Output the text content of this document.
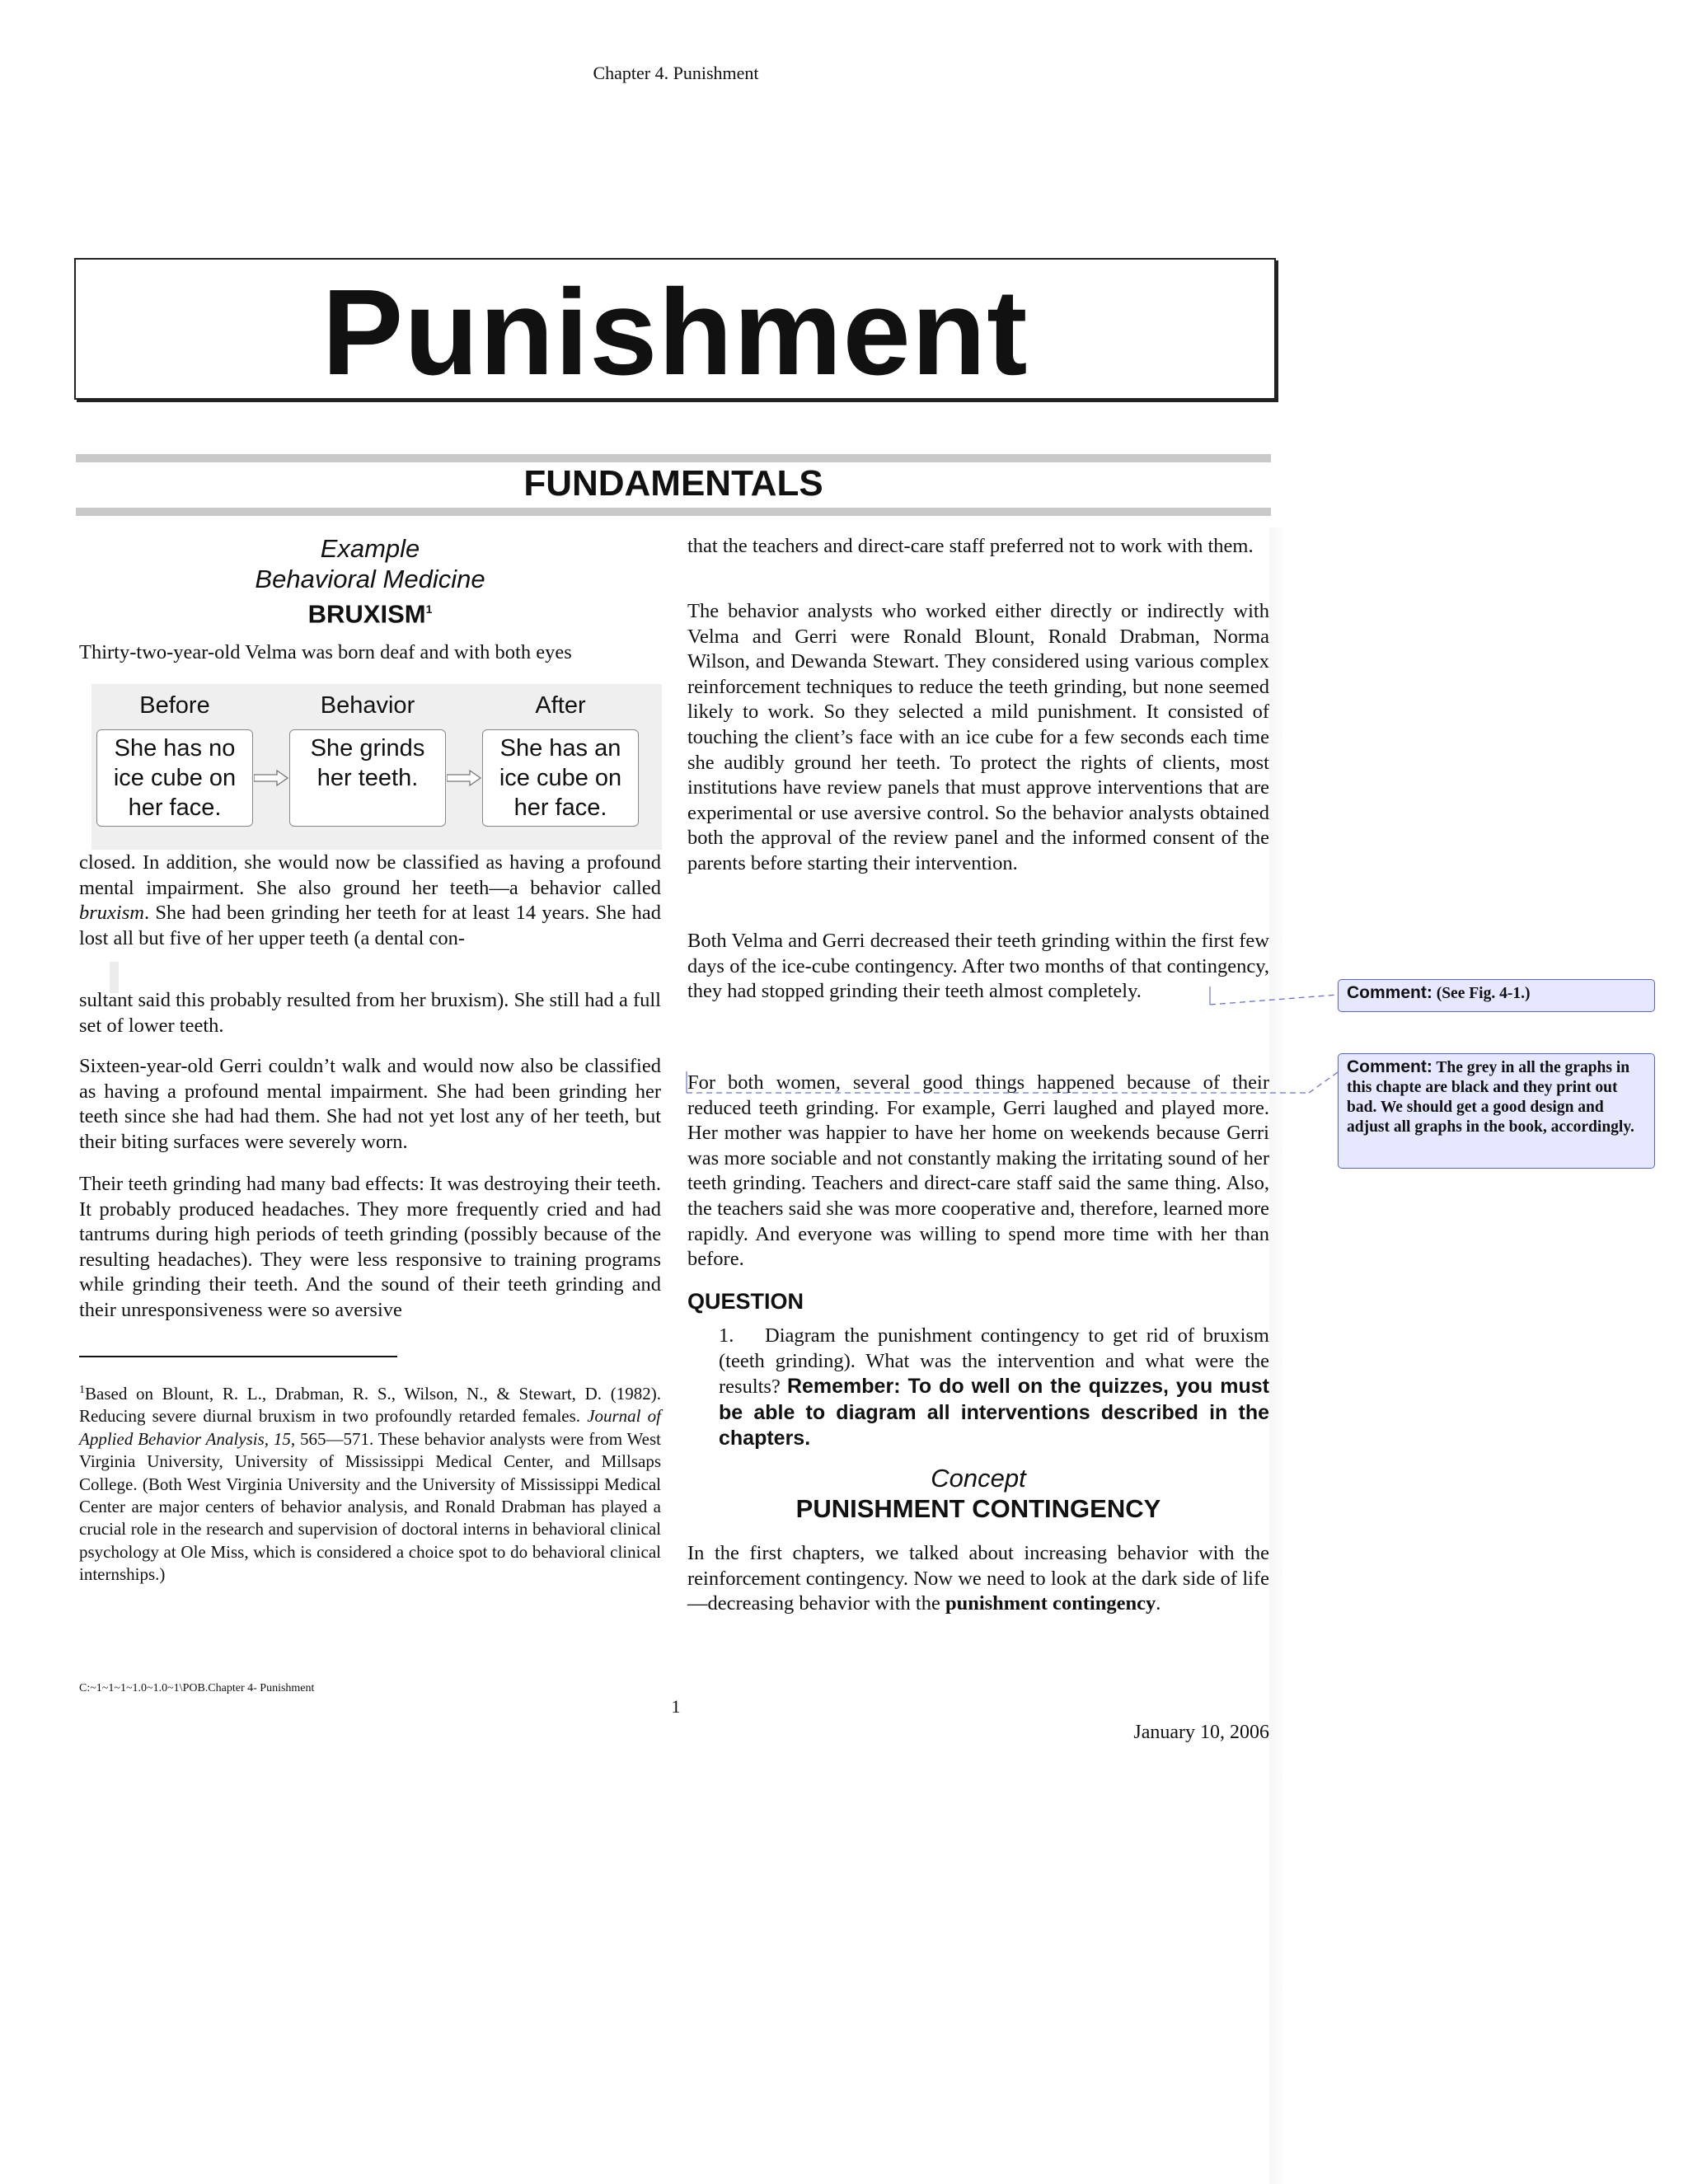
Chapter 4. Punishment
Punishment
FUNDAMENTALS
Example
Behavioral Medicine
BRUXISM$^1$

Thirty-two-year-old Velma was born deaf and with both eyes

Before	Behavior	After
She has no
ice cube on
her face.
She grinds
her teeth.
She has an
ice cube on
her face.

closed. In addition, she would now be classified as having a profound mental impairment. She also ground her teeth—a behavior called bruxism. She had been grinding her teeth for at least 14 years. She had lost all but five of her upper teeth (a dental con-

sultant said this probably resulted from her bruxism). She still had a full set of lower teeth.

Sixteen-year-old Gerri couldn’t walk and would now also be classified as having a profound mental impairment. She had been grinding her teeth since she had had them. She had not yet lost any of her teeth, but their biting surfaces were severely worn.

Their teeth grinding had many bad effects: It was destroying their teeth. It probably produced headaches. They more frequently cried and had tantrums during high periods of teeth grinding (possibly because of the resulting headaches). They were less responsive to training programs while grinding their teeth. And the sound of their teeth grinding and their unresponsiveness were so aversive

$^1$Based on Blount, R. L., Drabman, R. S., Wilson, N., & Stewart, D. (1982). Reducing severe diurnal bruxism in two profoundly retarded females. Journal of Applied Behavior Analysis, 15, 565—571. These behavior analysts were from West Virginia University, University of Mississippi Medical Center, and Millsaps College. (Both West Virginia University and the University of Mississippi Medical Center are major centers of behavior analysis, and Ronald Drabman has played a crucial role in the research and supervision of doctoral interns in behavioral clinical psychology at Ole Miss, which is considered a choice spot to do behavioral clinical internships.)

that the teachers and direct-care staff preferred not to work with them.

The behavior analysts who worked either directly or indirectly with Velma and Gerri were Ronald Blount, Ronald Drabman, Norma Wilson, and Dewanda Stewart. They considered using various complex reinforcement techniques to reduce the teeth grinding, but none seemed likely to work. So they selected a mild punishment. It consisted of touching the client’s face with an ice cube for a few seconds each time she audibly ground her teeth. To protect the rights of clients, most institutions have review panels that must approve interventions that are experimental or use aversive control. So the behavior analysts obtained both the approval of the review panel and the informed consent of the parents before starting their intervention.

Both Velma and Gerri decreased their teeth grinding within the first few days of the ice-cube contingency. After two months of that contingency, they had stopped grinding their teeth almost completely.

For both women, several good things happened because of their reduced teeth grinding. For example, Gerri laughed and played more. Her mother was happier to have her home on weekends because Gerri was more sociable and not constantly making the irritating sound of her teeth grinding. Teachers and direct-care staff said the same thing. Also, the teachers said she was more cooperative and, therefore, learned more rapidly. And everyone was willing to spend more time with her than before.

QUESTION
1. Diagram the punishment contingency to get rid of bruxism (teeth grinding). What was the intervention and what were the results? Remember: To do well on the quizzes, you must be able to diagram all interventions described in the chapters.
Concept
PUNISHMENT CONTINGENCY

In the first chapters, we talked about increasing behavior with the reinforcement contingency. Now we need to look at the dark side of life—decreasing behavior with the punishment contingency.

Comment: (See Fig. 4-1.)
Comment: The grey in all the graphs in this chapte are black and they print out bad. We should get a good design and adjust all graphs in the book, accordingly.
C:~1~1~1~1.0~1.0~1\POB.Chapter 4- Punishment
1
January 10, 2006
